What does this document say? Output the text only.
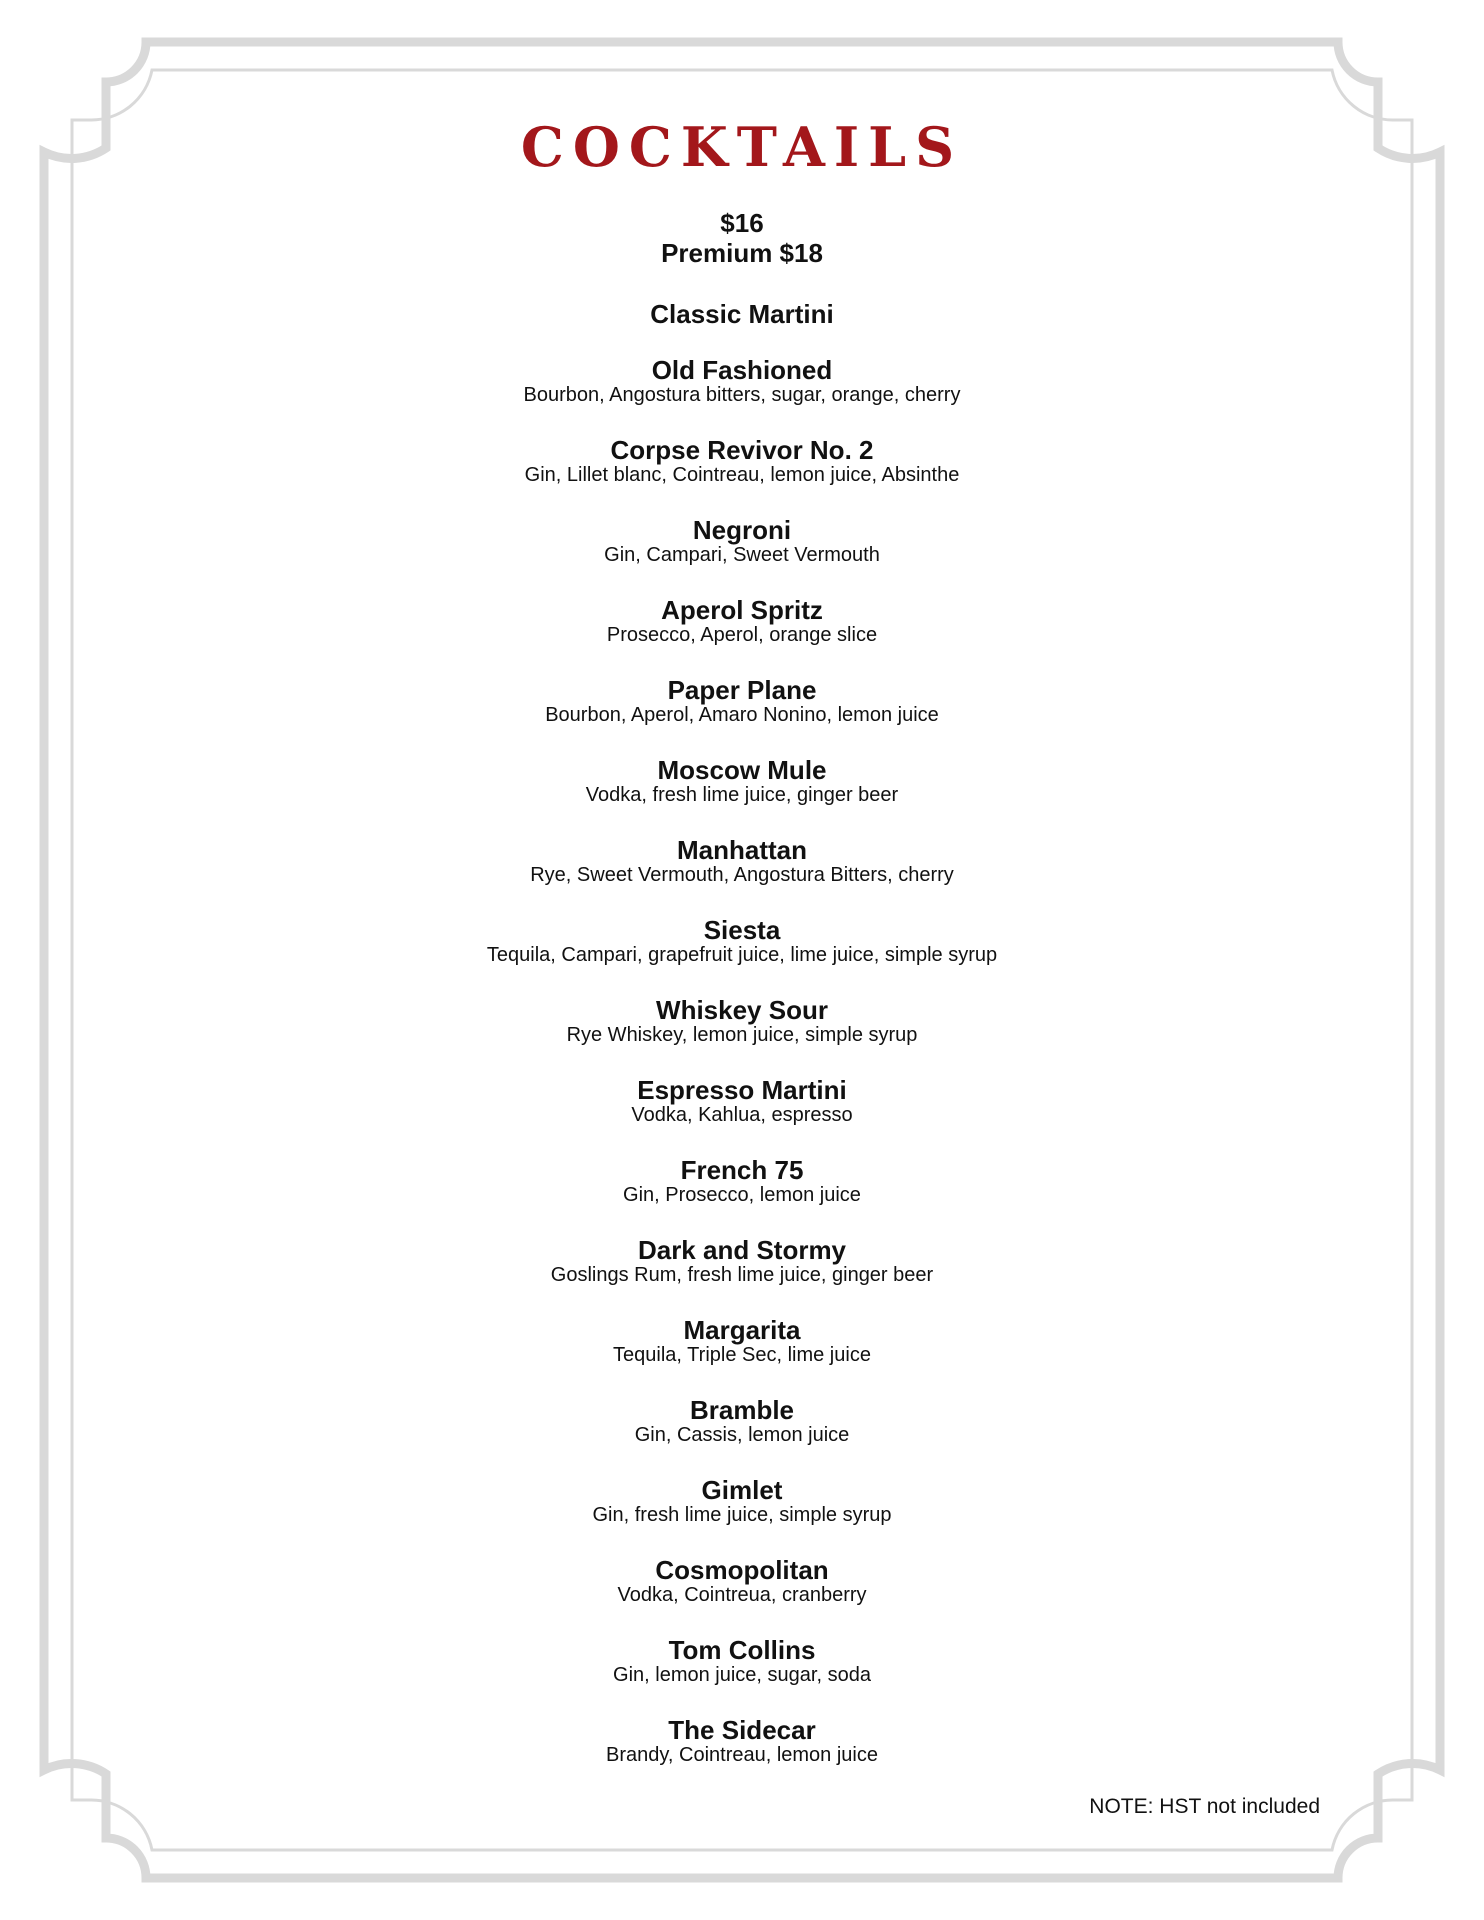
COCKTAILS
$16
Premium $18
Classic Martini
Old Fashioned
Bourbon, Angostura bitters, sugar, orange, cherry
Corpse Revivor No. 2
Gin, Lillet blanc, Cointreau, lemon juice, Absinthe
Negroni
Gin, Campari, Sweet Vermouth
Aperol Spritz
Prosecco, Aperol, orange slice
Paper Plane
Bourbon, Aperol, Amaro Nonino, lemon juice
Moscow Mule
Vodka, fresh lime juice, ginger beer
Manhattan
Rye, Sweet Vermouth, Angostura Bitters, cherry
Siesta
Tequila, Campari, grapefruit juice, lime juice, simple syrup
Whiskey Sour
Rye Whiskey, lemon juice, simple syrup
Espresso Martini
Vodka, Kahlua, espresso
French 75
Gin, Prosecco, lemon juice
Dark and Stormy
Goslings Rum, fresh lime juice, ginger beer
Margarita
Tequila, Triple Sec, lime juice
Bramble
Gin, Cassis, lemon juice
Gimlet
Gin, fresh lime juice, simple syrup
Cosmopolitan
Vodka, Cointreua, cranberry
Tom Collins
Gin, lemon juice, sugar, soda
The Sidecar
Brandy, Cointreau, lemon juice
NOTE: HST not included
